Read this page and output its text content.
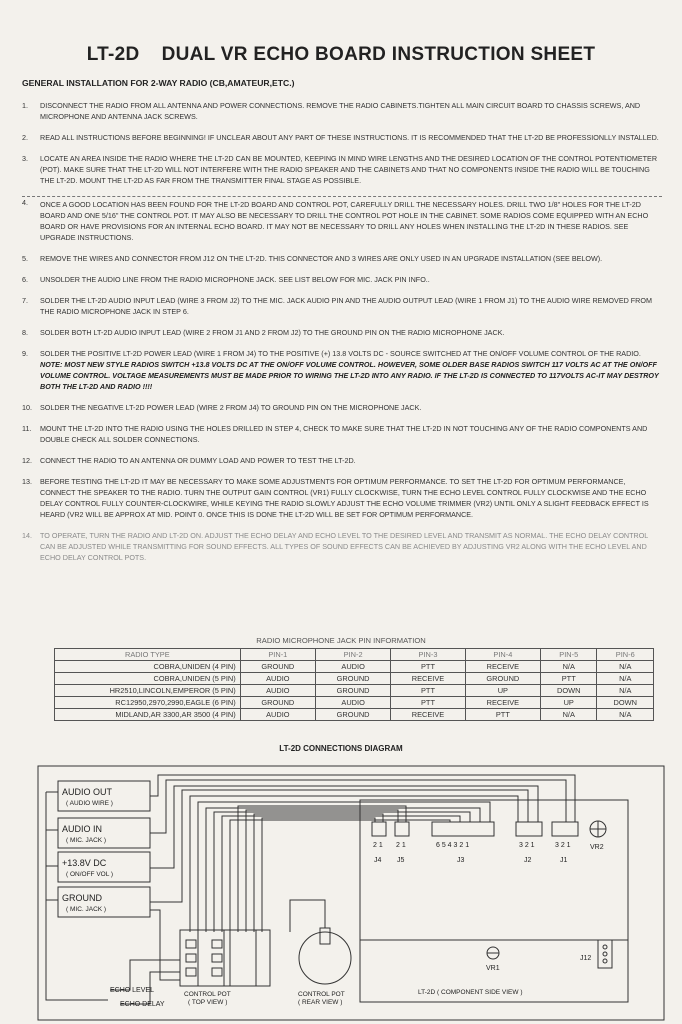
LT-2D DUAL VR ECHO BOARD INSTRUCTION SHEET
GENERAL INSTALLATION FOR 2-WAY RADIO (CB,AMATEUR,ETC.)
1. DISCONNECT THE RADIO FROM ALL ANTENNA AND POWER CONNECTIONS. REMOVE THE RADIO CABINETS.TIGHTEN ALL MAIN CIRCUIT BOARD TO CHASSIS SCREWS, AND MICROPHONE AND ANTENNA JACK SCREWS.
2. READ ALL INSTRUCTIONS BEFORE BEGINNING! IF UNCLEAR ABOUT ANY PART OF THESE INSTRUCTIONS. IT IS RECOMMENDED THAT THE LT-2D BE PROFESSIONLLY INSTALLED.
3. LOCATE AN AREA INSIDE THE RADIO WHERE THE LT-2D CAN BE MOUNTED, KEEPING IN MIND WIRE LENGTHS AND THE DESIRED LOCATION OF THE CONTROL POTENTIOMETER (POT). MAKE SURE THAT THE LT-2D WILL NOT INTERFERE WITH THE RADIO SPEAKER AND THE CABINETS AND THAT NO COMPONENTS INSIDE THE RADIO WILL BE TOUCHING THE LT-2D. MOUNT THE LT-2D AS FAR FROM THE TRANSMITTER FINAL STAGE AS POSSIBLE.
4. ONCE A GOOD LOCATION HAS BEEN FOUND FOR THE LT-2D BOARD AND CONTROL POT, CAREFULLY DRILL THE NECESSARY HOLES. DRILL TWO 1/8" HOLES FOR THE LT-2D BOARD AND ONE 5/16" THE CONTROL POT. IT MAY ALSO BE NECESSARY TO DRILL THE CONTROL POT HOLE IN THE CABINET. SOME RADIOS COME EQUIPPED WITH AN ECHO BOARD OR HAVE PROVISIONS FOR AN INTERNAL ECHO BOARD. IT MAY NOT BE NECESSARY TO DRILL ANY HOLES WHEN INSTALLING THE LT-2D IN THESE RADIOS. SEE UPGRADE INSTRUCTIONS.
5. REMOVE THE WIRES AND CONNECTOR FROM J12 ON THE LT-2D. THIS CONNECTOR AND 3 WIRES ARE ONLY USED IN AN UPGRADE INSTALLATION (SEE BELOW).
6. UNSOLDER THE AUDIO LINE FROM THE RADIO MICROPHONE JACK. SEE LIST BELOW FOR MIC. JACK PIN INFO..
7. SOLDER THE LT-2D AUDIO INPUT LEAD (WIRE 3 FROM J2) TO THE MIC. JACK AUDIO PIN AND THE AUDIO OUTPUT LEAD (WIRE 1 FROM J1) TO THE AUDIO WIRE REMOVED FROM THE RADIO MICROPHONE JACK IN STEP 6.
8. SOLDER BOTH LT-2D AUDIO INPUT LEAD (WIRE 2 FROM J1 AND 2 FROM J2) TO THE GROUND PIN ON THE RADIO MICROPHONE JACK.
9. SOLDER THE POSITIVE LT-2D POWER LEAD (WIRE 1 FROM J4) TO THE POSITIVE (+) 13.8 VOLTS DC - SOURCE SWITCHED AT THE ON/OFF VOLUME CONTROL OF THE RADIO. NOTE: MOST NEW STYLE RADIOS SWITCH +13.8 VOLTS DC AT THE ON/OFF VOLUME CONTROL. HOWEVER, SOME OLDER BASE RADIOS SWITCH 117 VOLTS AC AT THE ON/OFF VOLUME CONTROL. VOLTAGE MEASUREMENTS MUST BE MADE PRIOR TO WIRING THE LT-2D INTO ANY RADIO. IF THE LT-2D IS CONNECTED TO 117VOLTS AC-IT MAY DESTROY BOTH THE LT-2D AND RADIO !!!!
10. SOLDER THE NEGATIVE LT-2D POWER LEAD (WIRE 2 FROM J4) TO GROUND PIN ON THE MICROPHONE JACK.
11. MOUNT THE LT-2D INTO THE RADIO USING THE HOLES DRILLED IN STEP 4, CHECK TO MAKE SURE THAT THE LT-2D IN NOT TOUCHING ANY OF THE RADIO COMPONENTS AND DOUBLE CHECK ALL SOLDER CONNECTIONS.
12. CONNECT THE RADIO TO AN ANTENNA OR DUMMY LOAD AND POWER TO TEST THE LT-2D.
13. BEFORE TESTING THE LT-2D IT MAY BE NECESSARY TO MAKE SOME ADJUSTMENTS FOR OPTIMUM PERFORMANCE. TO SET THE LT-2D FOR OPTIMUM PERFORMANCE, CONNECT THE SPEAKER TO THE RADIO. TURN THE OUTPUT GAIN CONTROL (VR1) FULLY CLOCKWISE, TURN THE ECHO LEVEL CONTROL FULLY CLOCKWISE AND THE ECHO DELAY CONTROL FULLY COUNTER-CLOCKWIRE, WHILE KEYING THE RADIO SLOWLY ADJUST THE ECHO VOLUME TRIMMER (VR2) UNTIL ONLY A SLIGHT FEEDBACK EFFECT IS HEARD (VR2 WILL BE APPROX AT MID. POINT 0. ONCE THIS IS DONE THE LT-2D WILL BE SET FOR OPTIMUM PERFORMANCE.
14. TO OPERATE, TURN THE RADIO AND LT-2D ON. ADJUST THE ECHO DELAY AND ECHO LEVEL TO THE DESIRED LEVEL AND TRANSMIT AS NORMAL. THE ECHO DELAY CONTROL CAN BE ADJUSTED WHILE TRANSMITTING FOR SOUND EFFECTS. ALL TYPES OF SOUND EFFECTS CAN BE ACHIEVED BY ADJUSTING VR2 ALONG WITH THE ECHO LEVEL AND ECHO DELAY CONTROL POTS.
RADIO MICROPHONE JACK PIN INFORMATION
RADIO TYPE	PIN-1	PIN-2	PIN-3	PIN-4	PIN-5	PIN-6
COBRA,UNIDEN (4 PIN)	GROUND	AUDIO	PTT	RECEIVE	N/A	N/A
COBRA,UNIDEN (5 PIN)	AUDIO	GROUND	RECEIVE	GROUND	PTT	N/A
HR2510,LINCOLN,EMPEROR (5 PIN)	AUDIO	GROUND	PTT	UP	DOWN	N/A
RC12950,2970,2990,EAGLE (6 PIN)	GROUND	AUDIO	PTT	RECEIVE	UP	DOWN
MIDLAND,AR 3300,AR 3500 (4 PIN)	AUDIO	GROUND	RECEIVE	PTT	N/A	N/A
LT-2D CONNECTIONS DIAGRAM
AUDIO OUT
( AUDIO WIRE )
AUDIO IN
( MIC. JACK )
+13.8V DC
( ON/OFF VOL )
GROUND
( MIC. JACK )
2 1 2 1	6 5 4 3 2 1	3 2 1	3 2 1
J4 J5	J3	J2	J1
VR2
VR1
J12
ECHO LEVEL
ECHO DELAY
CONTROL POT
( TOP VIEW )
CONTROL POT
( REAR VIEW )
LT-2D ( COMPONENT SIDE VIEW )
